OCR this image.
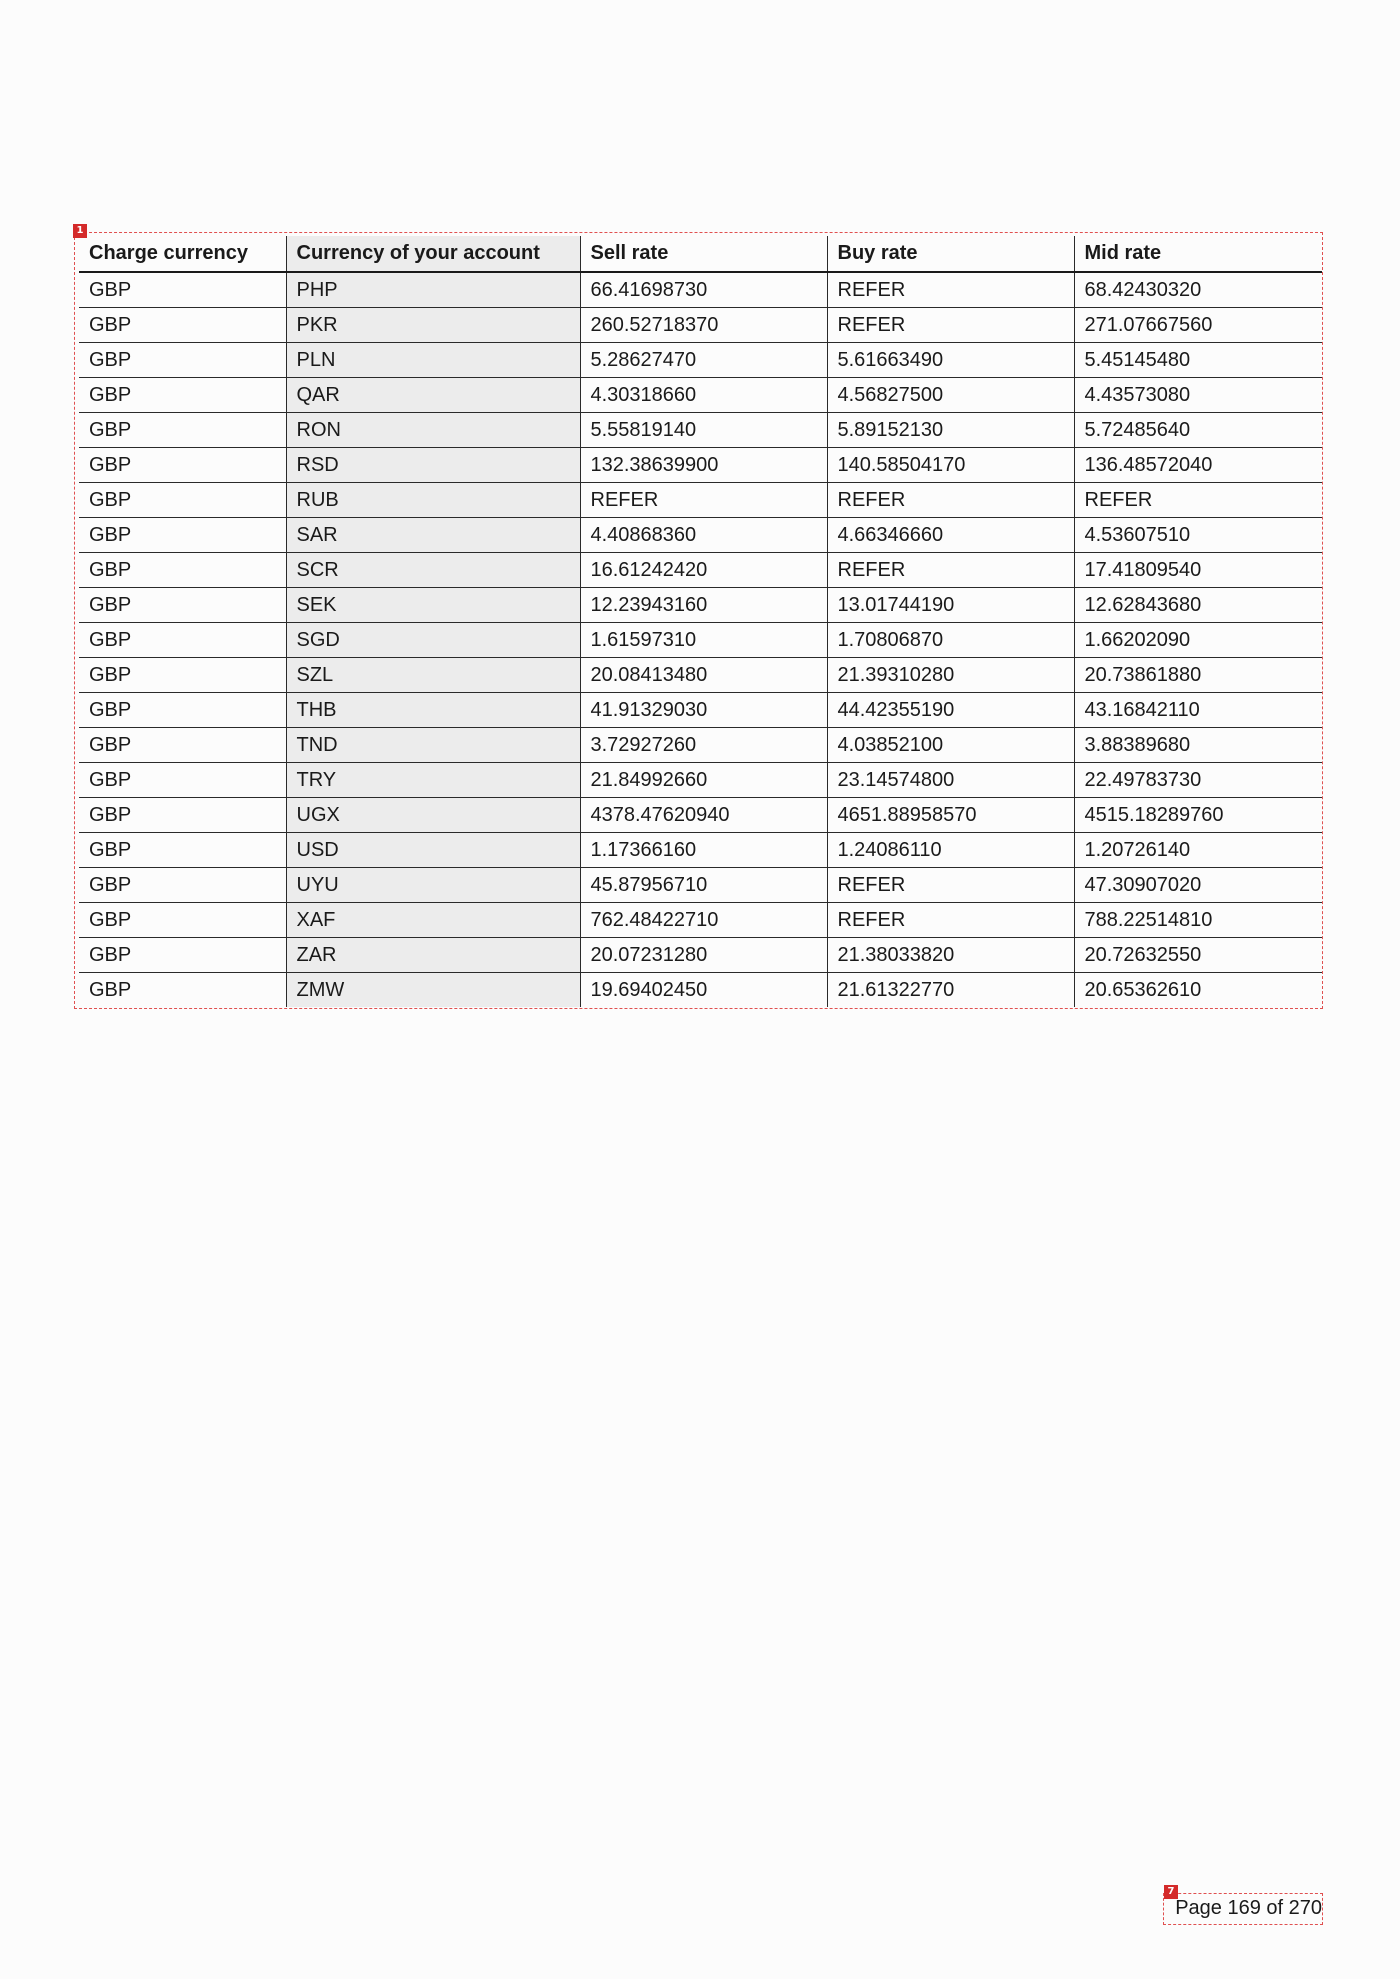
1
Charge currency	Currency of your account	Sell rate	Buy rate	Mid rate
GBP	PHP	66.41698730	REFER	68.42430320
GBP	PKR	260.52718370	REFER	271.07667560
GBP	PLN	5.28627470	5.61663490	5.45145480
GBP	QAR	4.30318660	4.56827500	4.43573080
GBP	RON	5.55819140	5.89152130	5.72485640
GBP	RSD	132.38639900	140.58504170	136.48572040
GBP	RUB	REFER	REFER	REFER
GBP	SAR	4.40868360	4.66346660	4.53607510
GBP	SCR	16.61242420	REFER	17.41809540
GBP	SEK	12.23943160	13.01744190	12.62843680
GBP	SGD	1.61597310	1.70806870	1.66202090
GBP	SZL	20.08413480	21.39310280	20.73861880
GBP	THB	41.91329030	44.42355190	43.16842110
GBP	TND	3.72927260	4.03852100	3.88389680
GBP	TRY	21.84992660	23.14574800	22.49783730
GBP	UGX	4378.47620940	4651.88958570	4515.18289760
GBP	USD	1.17366160	1.24086110	1.20726140
GBP	UYU	45.87956710	REFER	47.30907020
GBP	XAF	762.48422710	REFER	788.22514810
GBP	ZAR	20.07231280	21.38033820	20.72632550
GBP	ZMW	19.69402450	21.61322770	20.65362610
7
Page 169 of 270
